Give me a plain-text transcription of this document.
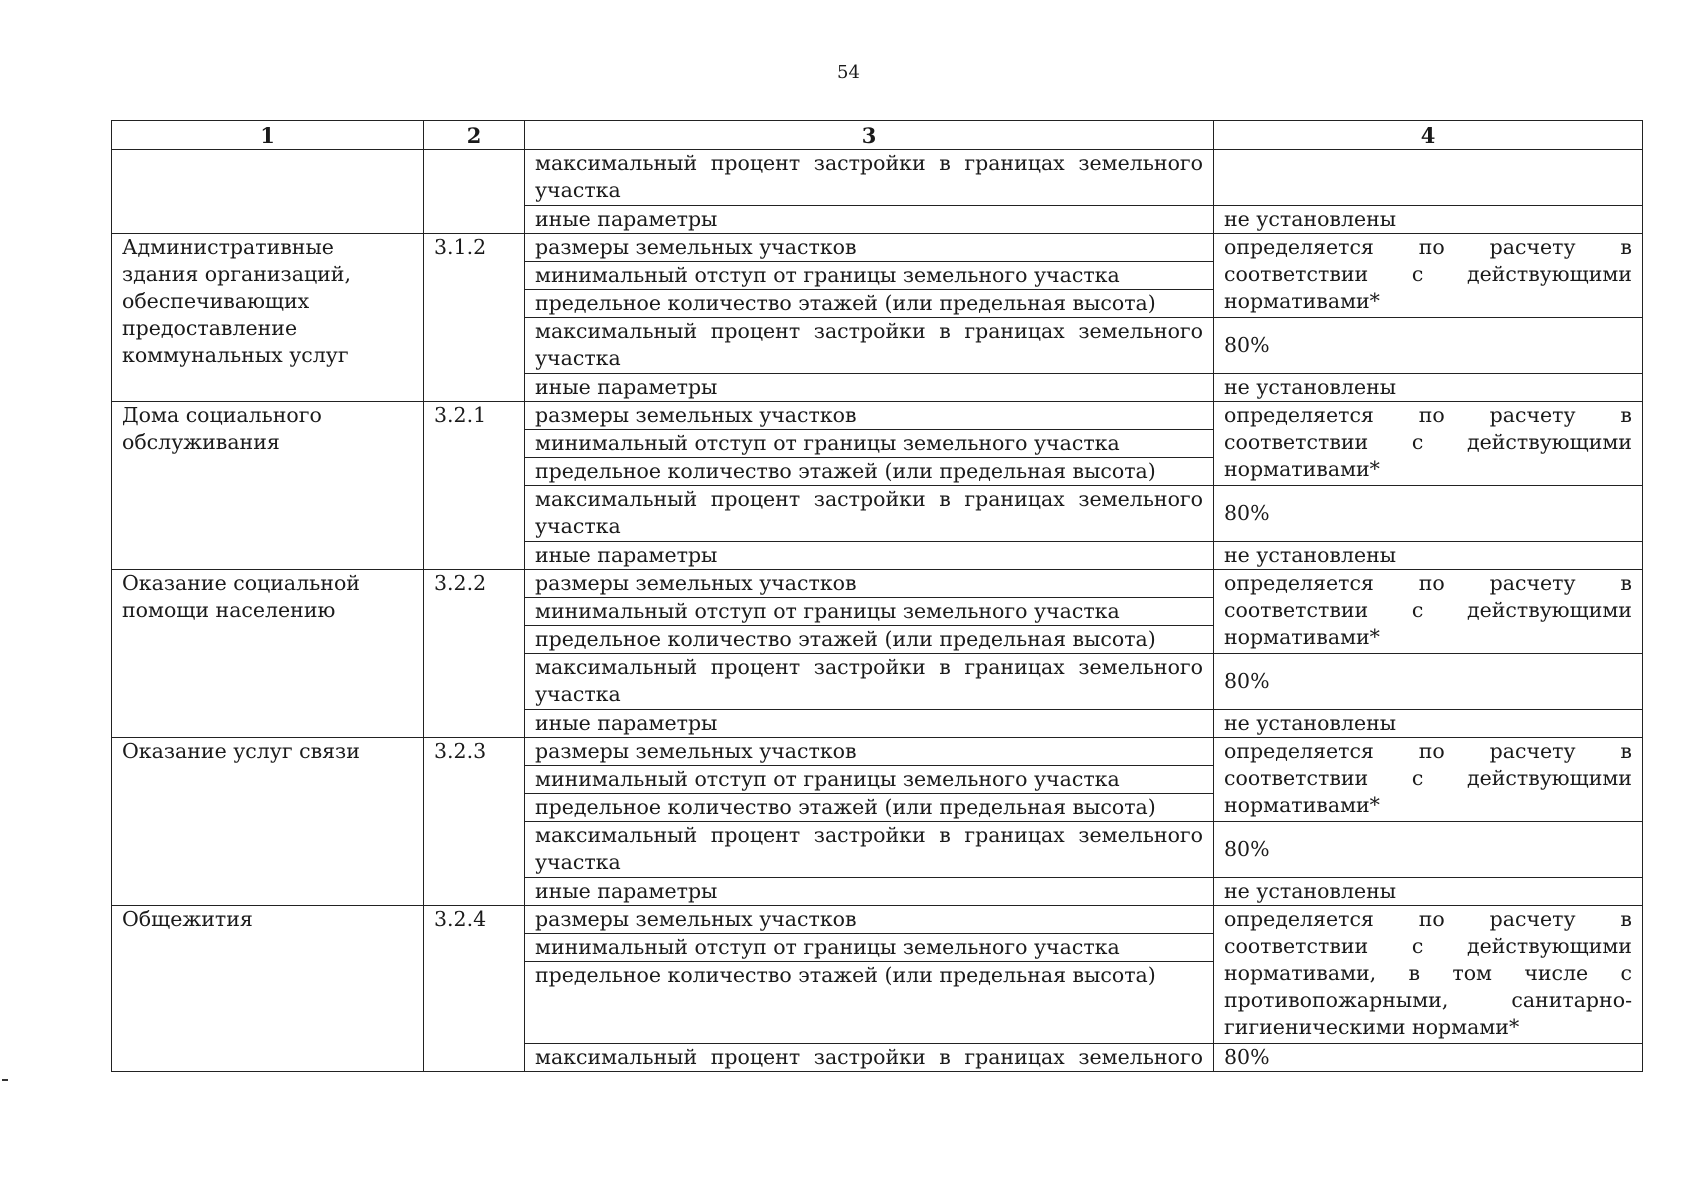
54
1	2	3	4
		максимальный процент застройки в границах земельного участка	
		иные параметры	не установлены
Административные здания организаций, обеспечивающих предоставление коммунальных услуг	3.1.2	размеры земельных участков	определяется по расчету в
соответствии с действующими
нормативами*

		минимальный отступ от границы земельного участка	
		предельное количество этажей (или предельная высота)	
		максимальный процент застройки в границах земельного участка	80%
		иные параметры	не установлены
Дома социального обслуживания	3.2.1	размеры земельных участков	определяется по расчету в
соответствии с действующими
нормативами*

		минимальный отступ от границы земельного участка	
		предельное количество этажей (или предельная высота)	
		максимальный процент застройки в границах земельного участка	80%
		иные параметры	не установлены
Оказание социальной помощи населению	3.2.2	размеры земельных участков	определяется по расчету в
соответствии с действующими
нормативами*

		минимальный отступ от границы земельного участка	
		предельное количество этажей (или предельная высота)	
		максимальный процент застройки в границах земельного участка	80%
		иные параметры	не установлены
Оказание услуг связи	3.2.3	размеры земельных участков	определяется по расчету в
соответствии с действующими
нормативами*

		минимальный отступ от границы земельного участка	
		предельное количество этажей (или предельная высота)	
		максимальный процент застройки в границах земельного участка	80%
		иные параметры	не установлены
Общежития	3.2.4	размеры земельных участков	определяется по расчету в
соответствии с действующими
нормативами, в том числе с
противопожарными, санитарно-
гигиеническими нормами*

		минимальный отступ от границы земельного участка	
		предельное количество этажей (или предельная высота)	
		максимальный процент застройки в границах земельного	80%
